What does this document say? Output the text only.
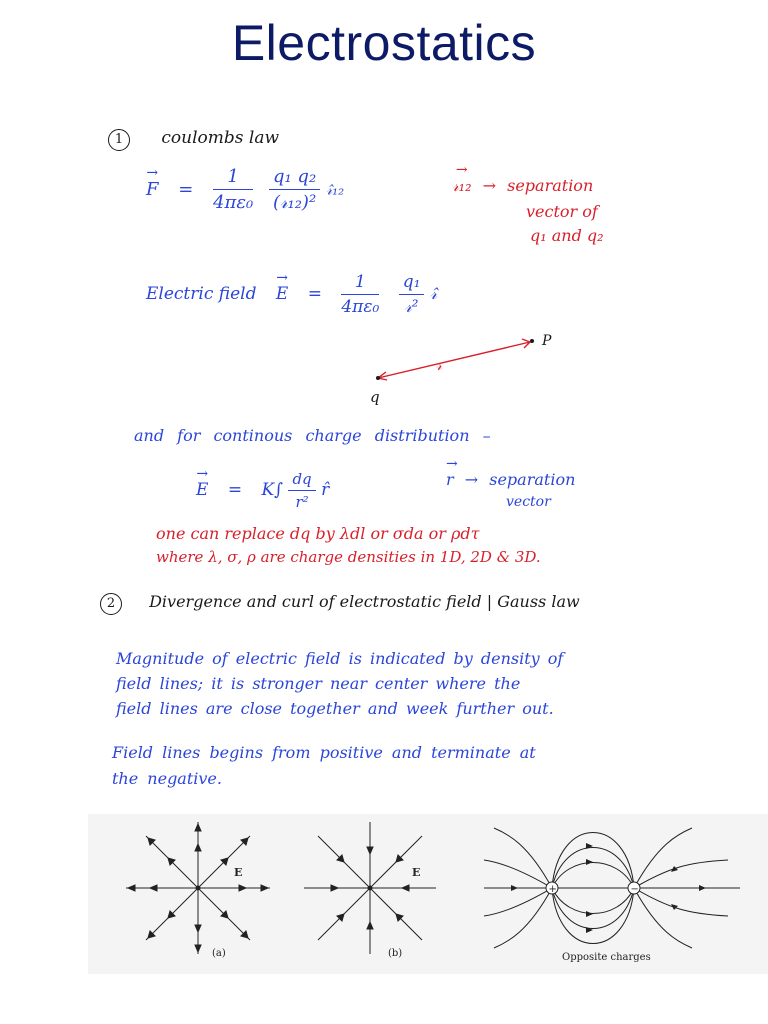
Electrostatics
1 coulombs law
→ $F = \frac{1}{\text{4πε₀}}$
$\frac{\text{q₁ q₂}}{\text{(𝓇₁₂)²}}$ 𝓇̂₁₂	→ 𝓇₁₂ → separation
vector of
q₁ and q₂
Electric field → $E = \frac{1}{\text{4πε₀}}$
$\frac{\text{q₁}}{\text{𝓇²}}$ 𝓇̂
P
q
𝓇
and for continous charge distribution –
→ $E = K\int \frac{dq}{\text{r²}}$ r̂
→ r → separation
vector
one can replace dq by λdl or σda or ρdτ
where λ, σ, ρ are charge densities in 1D, 2D & 3D.
2 Divergence and curl of electrostatic field | Gauss law
Magnitude of electric field is indicated by density of
field lines; it is stronger near center where the
field lines are close together and week further out.
Field lines begins from positive and terminate at
the negative.
E
(a)
E
(b)
+	−
Opposite charges
